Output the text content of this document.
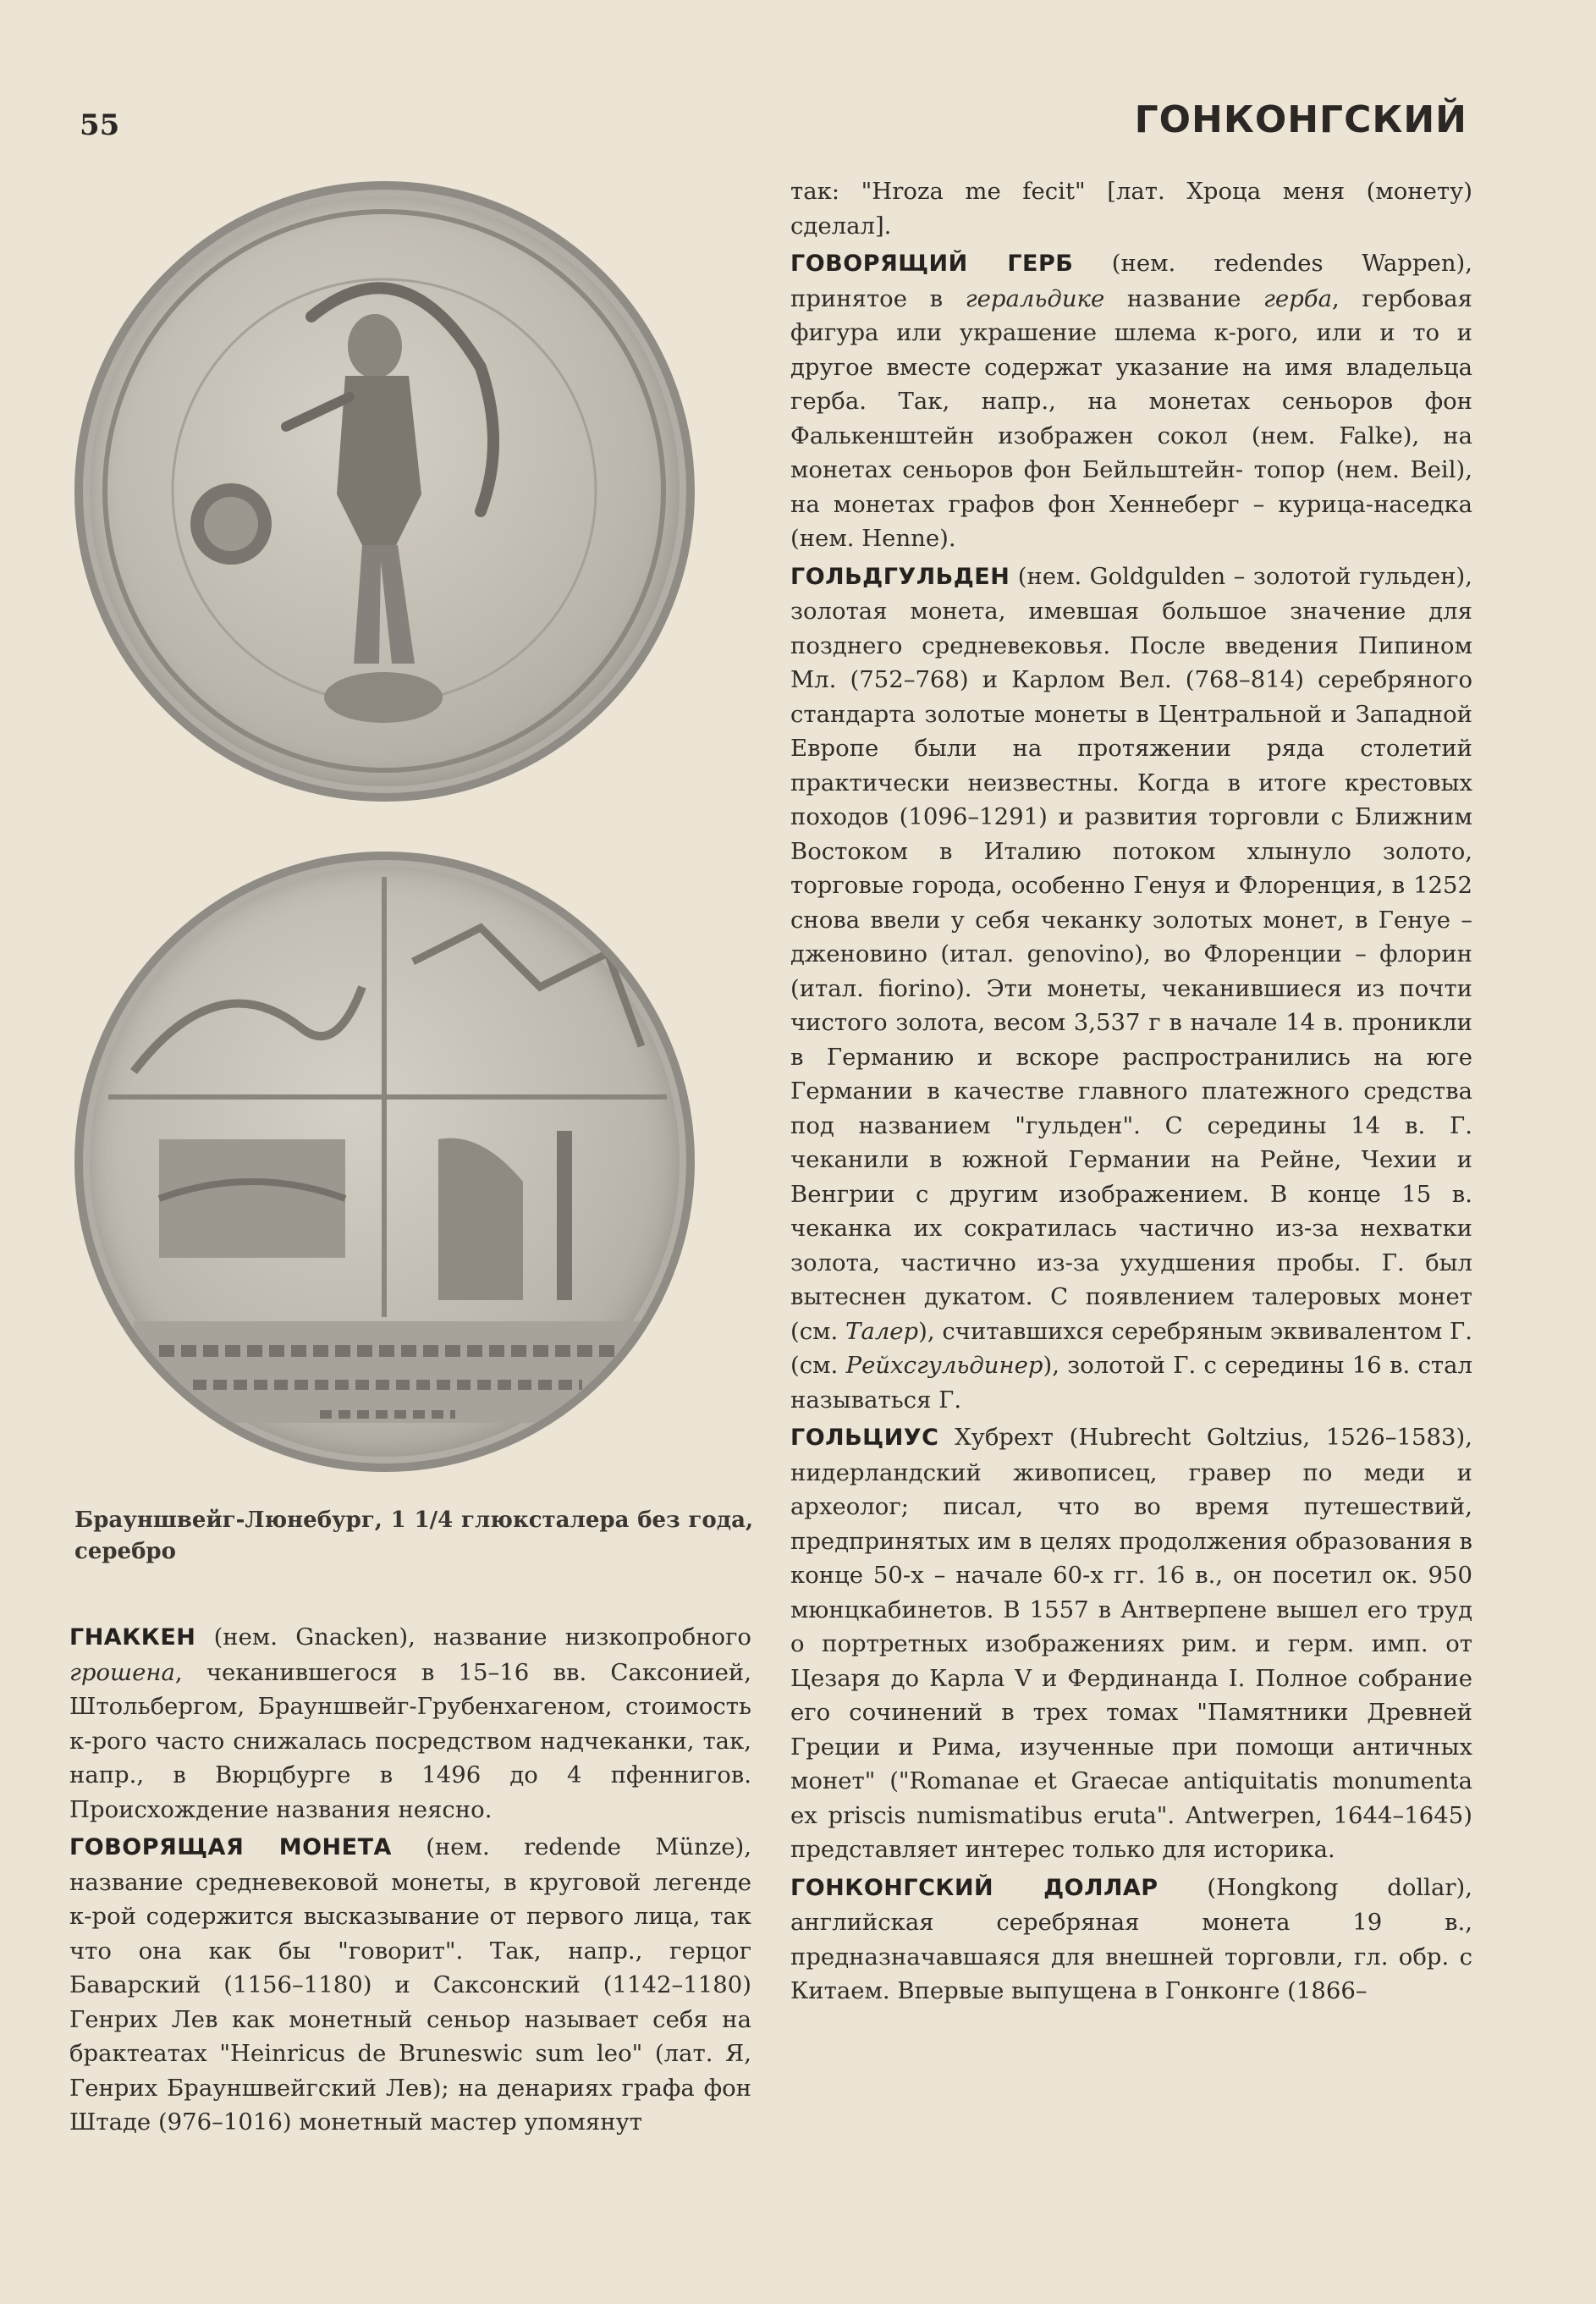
55	ГОНКОНГСКИЙ
Брауншвейг-Люнебург, 1 1/4 глюксталера без года, серебро

ГНАККЕН (нем. Gnacken), название низкопробного грошена, чеканившегося в 15–16 вв. Саксонией, Штольбергом, Брауншвейг-Грубенхагеном, стоимость к-рого часто снижалась посредством надчеканки, так, напр., в Вюрцбурге в 1496 до 4 пфеннигов. Происхождение названия неясно.

ГОВОРЯЩАЯ МОНЕТА (нем. redende Münze), название средневековой монеты, в круговой легенде к-рой содержится высказывание от первого лица, так что она как бы "говорит". Так, напр., герцог Баварский (1156–1180) и Саксонский (1142–1180) Генрих Лев как монетный сеньор называет себя на брактеатах "Heinricus de Bruneswic sum leo" (лат. Я, Генрих Брауншвейгский Лев); на денариях графа фон Штаде (976–1016) монетный мастер упомянут

так: "Hroza me fecit" [лат. Хроца меня (монету) сделал].

ГОВОРЯЩИЙ ГЕРБ (нем. redendes Wappen), принятое в геральдике название герба, гербовая фигура или украшение шлема к-рого, или и то и другое вместе содержат указание на имя владельца герба. Так, напр., на монетах сеньоров фон Фалькенштейн изображен сокол (нем. Falke), на монетах сеньоров фон Бейльштейн- топор (нем. Beil), на монетах графов фон Хеннеберг – курица-наседка (нем. Henne).

ГОЛЬДГУЛЬДЕН (нем. Goldgulden – золотой гульден), золотая монета, имевшая большое значение для позднего средневековья. После введения Пипином Мл. (752–768) и Карлом Вел. (768–814) серебряного стандарта золотые монеты в Центральной и Западной Европе были на протяжении ряда столетий практически неизвестны. Когда в итоге крестовых походов (1096–1291) и развития торговли с Ближним Востоком в Италию потоком хлынуло золото, торговые города, особенно Генуя и Флоренция, в 1252 снова ввели у себя чеканку золотых монет, в Генуе – дженовино (итал. genovino), во Флоренции – флорин (итал. fiorino). Эти монеты, чеканившиеся из почти чистого золота, весом 3,537 г в начале 14 в. проникли в Германию и вскоре распространились на юге Германии в качестве главного платежного средства под названием "гульден". С середины 14 в. Г. чеканили в южной Германии на Рейне, Чехии и Венгрии с другим изображением. В конце 15 в. чеканка их сократилась частично из-за нехватки золота, частично из-за ухудшения пробы. Г. был вытеснен дукатом. С появлением талеровых монет (см. Талер), считавшихся серебряным эквивалентом Г. (см. Рейхсгульдинер), золотой Г. с середины 16 в. стал называться Г.

ГОЛЬЦИУС Хубрехт (Hubrecht Goltzius, 1526–1583), нидерландский живописец, гравер по меди и археолог; писал, что во время путешествий, предпринятых им в целях продолжения образования в конце 50-х – начале 60-х гг. 16 в., он посетил ок. 950 мюнцкабинетов. В 1557 в Антверпене вышел его труд о портретных изображениях рим. и герм. имп. от Цезаря до Карла V и Фердинанда I. Полное собрание его сочинений в трех томах "Памятники Древней Греции и Рима, изученные при помощи античных монет" ("Romanae et Graecae antiquitatis monumenta ex priscis numismatibus eruta". Antwerpen, 1644–1645) представляет интерес только для историка.

ГОНКОНГСКИЙ ДОЛЛАР (Hongkong dollar), английская серебряная монета 19 в., предназначавшаяся для внешней торговли, гл. обр. с Китаем. Впервые выпущена в Гонконге (1866–
